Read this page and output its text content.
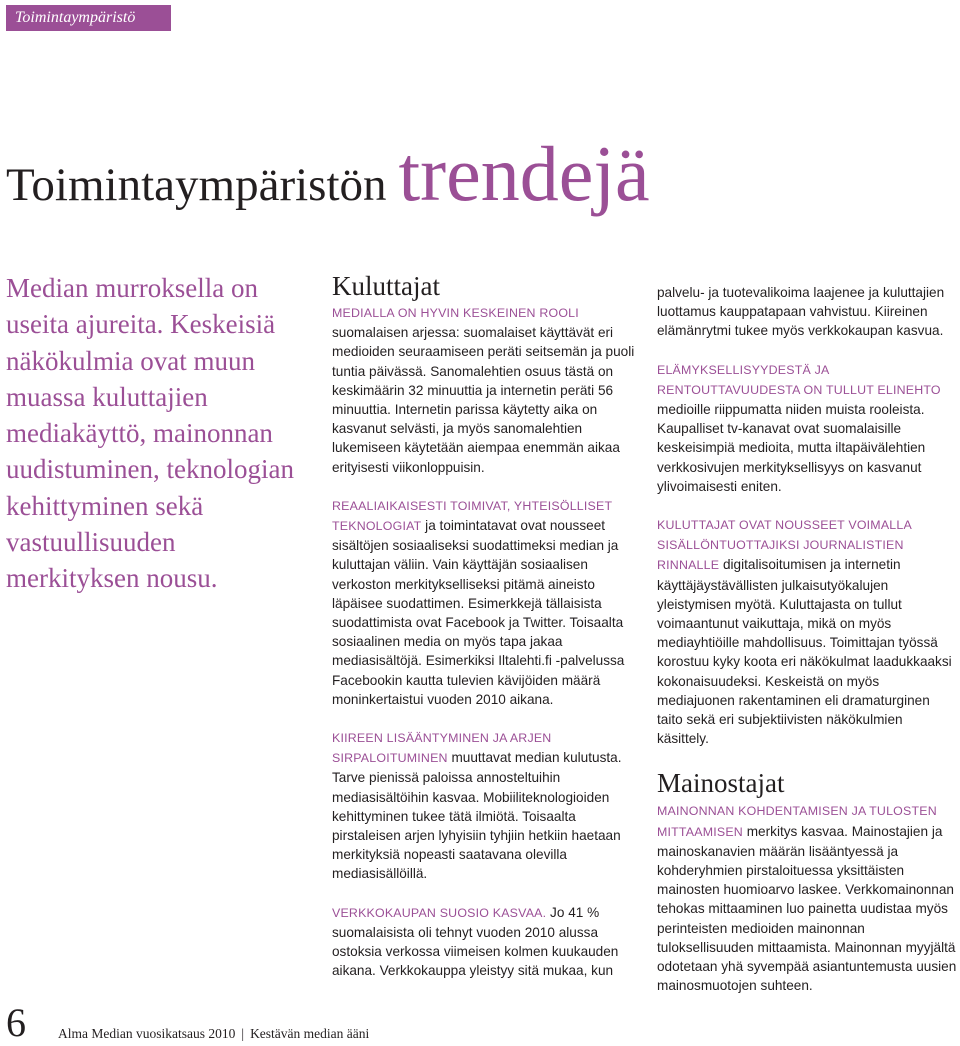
Toimintaympäristö
Toimintaympäristön trendejä

Median murroksella on useita ajureita. Keskeisiä näkökulmia ovat muun muassa kuluttajien mediakäyttö, mainonnan uudistuminen, teknologian kehittyminen sekä vastuullisuuden merkityksen nousu.

Kuluttajat

MEDIALLA ON HYVIN KESKEINEN ROOLI suomalaisen arjessa: suomalaiset käyttävät eri medioiden seuraamiseen peräti seitsemän ja puoli tuntia päivässä. Sanomalehtien osuus tästä on keskimäärin 32 minuuttia ja internetin peräti 56 minuuttia. Internetin parissa käytetty aika on kasvanut selvästi, ja myös sanomalehtien lukemiseen käytetään aiempaa enemmän aikaa erityisesti viikonloppuisin.

REAALIAIKAISESTI TOIMIVAT, YHTEISÖLLISET TEKNOLOGIAT ja toimintatavat ovat nousseet sisältöjen sosiaaliseksi suodattimeksi median ja kuluttajan väliin. Vain käyttäjän sosiaalisen verkoston merkitykselliseksi pitämä aineisto läpäisee suodattimen. Esimerkkejä tällaisista suodattimista ovat Facebook ja Twitter. Toisaalta sosiaalinen media on myös tapa jakaa mediasisältöjä. Esimerkiksi Iltalehti.fi -palvelussa Facebookin kautta tulevien kävijöiden määrä moninkertaistui vuoden 2010 aikana.

KIIREEN LISÄÄNTYMINEN JA ARJEN SIRPALOITUMINEN muuttavat median kulutusta. Tarve pienissä paloissa annosteltuihin mediasisältöihin kasvaa. Mobiiliteknologioiden kehittyminen tukee tätä ilmiötä. Toisaalta pirstaleisen arjen lyhyisiin tyhjiin hetkiin haetaan merkityksiä nopeasti saatavana olevilla mediasisällöillä.

VERKKOKAUPAN SUOSIO KASVAA. Jo 41 % suomalaisista oli tehnyt vuoden 2010 alussa ostoksia verkossa viimeisen kolmen kuukauden aikana. Verkkokauppa yleistyy sitä mukaa, kun

palvelu- ja tuotevalikoima laajenee ja kuluttajien luottamus kauppatapaan vahvistuu. Kiireinen elämänrytmi tukee myös verkkokaupan kasvua.

ELÄMYKSELLISYYDESTÄ JA RENTOUTTAVUUDESTA ON TULLUT ELINEHTO medioille riippumatta niiden muista rooleista. Kaupalliset tv-kanavat ovat suomalaisille keskeisimpiä medioita, mutta iltapäivälehtien verkkosivujen merkityksellisyys on kasvanut ylivoimaisesti eniten.

KULUTTAJAT OVAT NOUSSEET VOIMALLA SISÄLLÖNTUOTTAJIKSI JOURNALISTIEN RINNALLE digitalisoitumisen ja internetin käyttäjäystävällisten julkaisutyökalujen yleistymisen myötä. Kuluttajasta on tullut voimaantunut vaikuttaja, mikä on myös mediayhtiöille mahdollisuus. Toimittajan työssä korostuu kyky koota eri näkökulmat laadukkaaksi kokonaisuudeksi. Keskeistä on myös mediajuonen rakentaminen eli dramaturginen taito sekä eri subjektiivisten näkökulmien käsittely.

Mainostajat

MAINONNAN KOHDENTAMISEN JA TULOSTEN MITTAAMISEN merkitys kasvaa. Mainostajien ja mainoskanavien määrän lisääntyessä ja kohderyhmien pirstaloituessa yksittäisten mainosten huomioarvo laskee. Verkkomainonnan tehokas mittaaminen luo painetta uudistaa myös perinteisten medioiden mainonnan tuloksellisuuden mittaamista. Mainonnan myyjältä odotetaan yhä syvempää asiantuntemusta uusien mainosmuotojen suhteen.

6 Alma Median vuosikatsaus 2010 | Kestävän median ääni
